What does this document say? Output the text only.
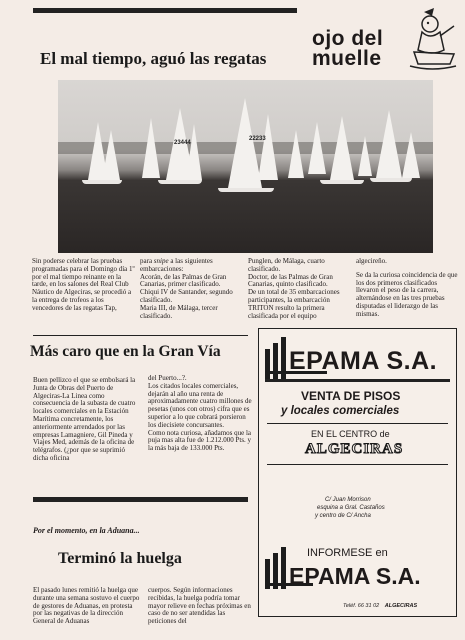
ojo del
muelle
El mal tiempo, aguó las regatas
22233
23444

Sin poderse celebrar las pruebas programadas para el Domingo día 1º por el mal tiempo reinante en la tarde, en los salones del Real Club Náutico de Algeciras, se procedió a la entrega de trofeos a los vencedores de las regatas Tap,

para snipe a las siguientes embarcaciones:

Acorán, de las Palmas de Gran Canarias, primer clasificado.

Chiqui IV de Santander, segundo clasificado.

Maria III, de Málaga, tercer clasificado.

Punglen, de Málaga, cuarto clasificado.

Doctor, de las Palmas de Gran Canarias, quinto clasificado.

De un total de 35 embarcaciones participantes, la embarcación TRITON resulto la primera clasificada por el equipo

algecireño.

Se da la curiosa coincidencia de que los dos primeros clasificados llevaron el peso de la carrera, alternándose en las tres pruebas disputadas el liderazgo de las mismas.

Más caro que en la Gran Vía

Buen pellizco el que se embolsará la Junta de Obras del Puerto de Algeciras-La Linea como consecuencia de la subasta de cuatro locales comerciales en la Estación Marítima concretamente, los anteriormente arrendados por las empresas Lamagniere, Gil Pineda y Viajes Med, además de la oficina de telégrafos. (¿por que se suprimió dicha oficina

del Puerto...?.

Los citados locales comerciales, dejarán al año una renta de aproximadamente cuatro millones de pesetas (unos con otros) cifra que es superior a lo que cobrará porsieron los diecisiete concursantes.

Como nota curiosa, añadamos que la puja mas alta fue de 1.212.000 Pts. y la más baja de 133.000 Pts.

Por el momento, en la Aduana...
Terminó la huelga

El pasado lunes remitió la huelga que durante una semana sostuvo el cuerpo de gestores de Aduanas, en protesta por las negativas de la dirección General de Aduanas

cuerpos. Según informaciones recibidas, la huelga podría tomar mayor relieve en fechas próximas en caso de no ser atendidas las peticiones del

EPAMA S.A.
VENTA DE PISOS
y locales comerciales
EN EL CENTRO de
ALGECIRAS
C/ Juan Morrison
esquina a Gral. Castaños
y centro de C/ Ancha
INFORMESE en
EPAMA S.A.
Teléf. 66 31 02 ALGECIRAS
